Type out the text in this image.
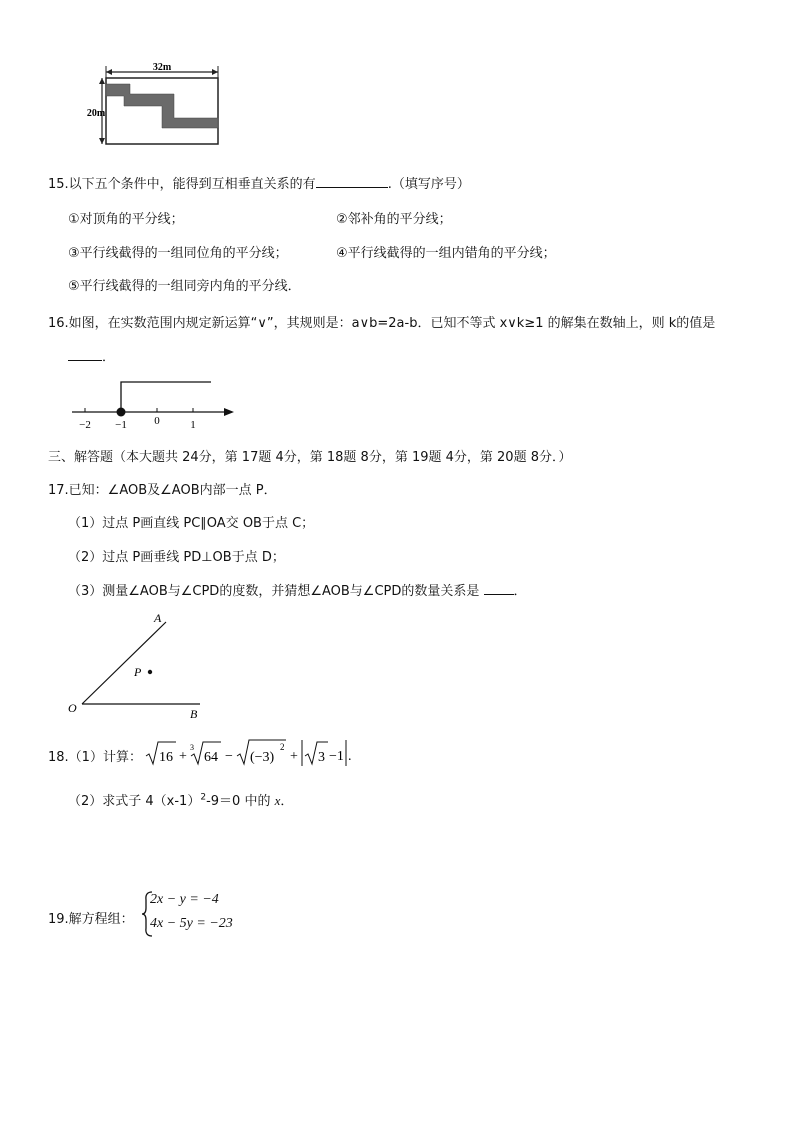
32m
20m
15.以下五个条件中，能得到互相垂直关系的有	.（填写序号）
①对顶角的平分线；	②邻补角的平分线；
③平行线截得的一组同位角的平分线；	④平行线截得的一组内错角的平分线；
⑤平行线截得的一组同旁内角的平分线．
16.如图，在实数范围内规定新运算“∨”，其规则是：a∨b=2a-b．已知不等式 x∨k≥1 的解集在数轴上，则 k的值是
．
−2 −1 0	1
三、解答题（本大题共 24分，第 17题 4分，第 18题 8分，第 19题 4分，第 20题 8分．）
17.已知：∠AOB及∠AOB内部一点 P．
（1）过点 P画直线 PC∥OA交 OB于点 C；
（2）过点 P画垂线 PD⊥OB于点 D；
（3）测量∠AOB与∠CPD的度数，并猜想∠AOB与∠CPD的数量关系是	．
A
P
O	B
18.（1）计算： 16 +
3
64 − (−3)
2
+ 3 −1 .
（2）求式子 $4(x-1)^2-9=0$ 中的 x．
19.解方程组：
2x − y = −4
4x − 5y = −23
